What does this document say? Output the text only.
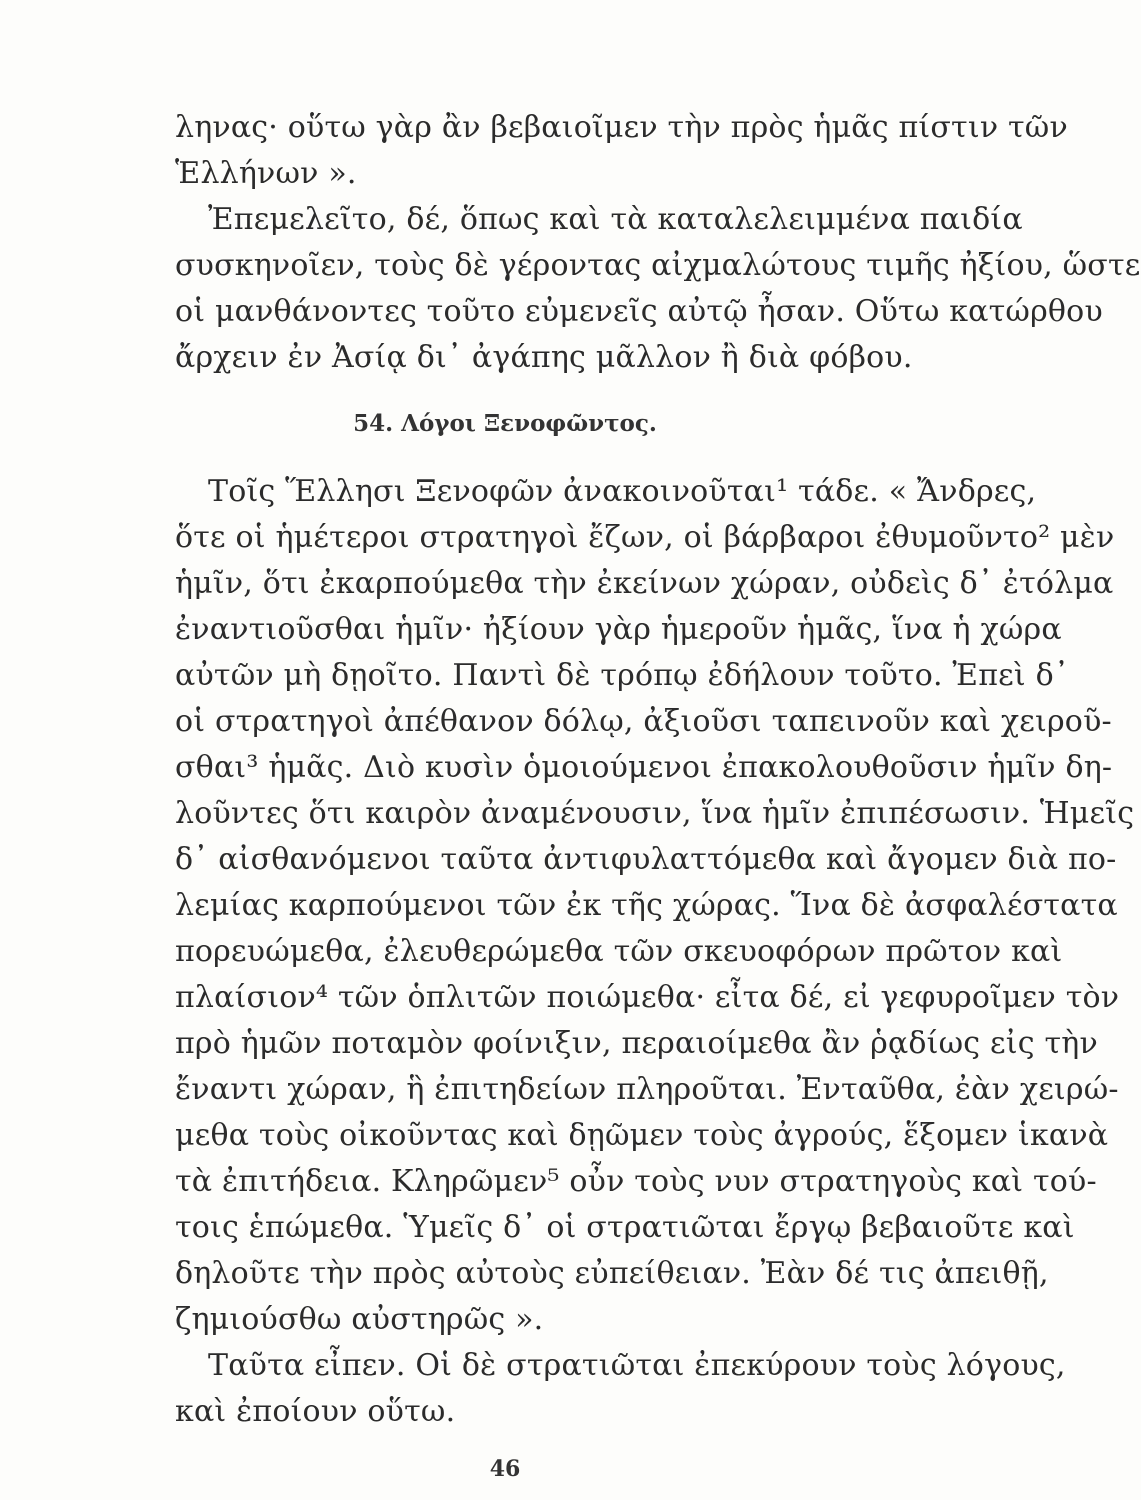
ληνας· οὕτω γὰρ ἂν βεβαιοῖμεν τὴν πρὸς ἡμᾶς πίστιν τῶν
Ἑλλήνων ».
Ἐπεμελεῖτο, δέ, ὅπως καὶ τὰ καταλελειμμένα παιδία
συσκηνοῖεν, τοὺς δὲ γέροντας αἰχμαλώτους τιμῆς ἠξίου, ὥστε
οἱ μανθάνοντες τοῦτο εὐμενεῖς αὐτῷ ἦσαν. Οὕτω κατώρθου
ἄρχειν ἐν Ἀσίᾳ δι᾽ ἀγάπης μᾶλλον ἢ διὰ φόβου.
54. Λόγοι Ξενοφῶντος.
Τοῖς Ἕλλησι Ξενοφῶν ἀνακοινοῦται¹ τάδε. « Ἄνδρες,
ὅτε οἱ ἡμέτεροι στρατηγοὶ ἔζων, οἱ βάρβαροι ἐθυμοῦντο² μὲν
ἡμῖν, ὅτι ἐκαρπούμεθα τὴν ἐκείνων χώραν, οὐδεὶς δ᾽ ἐτόλμα
ἐναντιοῦσθαι ἡμῖν· ἠξίουν γὰρ ἡμεροῦν ἡμᾶς, ἵνα ἡ χώρα
αὐτῶν μὴ δῃοῖτο. Παντὶ δὲ τρόπῳ ἐδήλουν τοῦτο. Ἐπεὶ δ᾽
οἱ στρατηγοὶ ἀπέθανον δόλῳ, ἀξιοῦσι ταπεινοῦν καὶ χειροῦ-
σθαι³ ἡμᾶς. Διὸ κυσὶν ὁμοιούμενοι ἐπακολουθοῦσιν ἡμῖν δη-
λοῦντες ὅτι καιρὸν ἀναμένουσιν, ἵνα ἡμῖν ἐπιπέσωσιν. Ἡμεῖς
δ᾽ αἰσθανόμενοι ταῦτα ἀντιφυλαττόμεθα καὶ ἄγομεν διὰ πο-
λεμίας καρπούμενοι τῶν ἐκ τῆς χώρας. Ἵνα δὲ ἀσφαλέστατα
πορευώμεθα, ἐλευθερώμεθα τῶν σκευοφόρων πρῶτον καὶ
πλαίσιον⁴ τῶν ὁπλιτῶν ποιώμεθα· εἶτα δέ, εἰ γεφυροῖμεν τὸν
πρὸ ἡμῶν ποταμὸν φοίνιξιν, περαιοίμεθα ἂν ῥᾳδίως εἰς τὴν
ἔναντι χώραν, ἣ ἐπιτηδείων πληροῦται. Ἐνταῦθα, ἐὰν χειρώ-
μεθα τοὺς οἰκοῦντας καὶ δῃῶμεν τοὺς ἀγρούς, ἕξομεν ἱκανὰ
τὰ ἐπιτήδεια. Κληρῶμεν⁵ οὖν τοὺς νυν στρατηγοὺς καὶ τού-
τοις ἑπώμεθα. Ὑμεῖς δ᾽ οἱ στρατιῶται ἔργῳ βεβαιοῦτε καὶ
δηλοῦτε τὴν πρὸς αὐτοὺς εὐπείθειαν. Ἐὰν δέ τις ἀπειθῇ,
ζημιούσθω αὐστηρῶς ».
46
Ταῦτα εἶπεν. Οἱ δὲ στρατιῶται ἐπεκύρουν τοὺς λόγους,
καὶ ἐποίουν οὕτω.
